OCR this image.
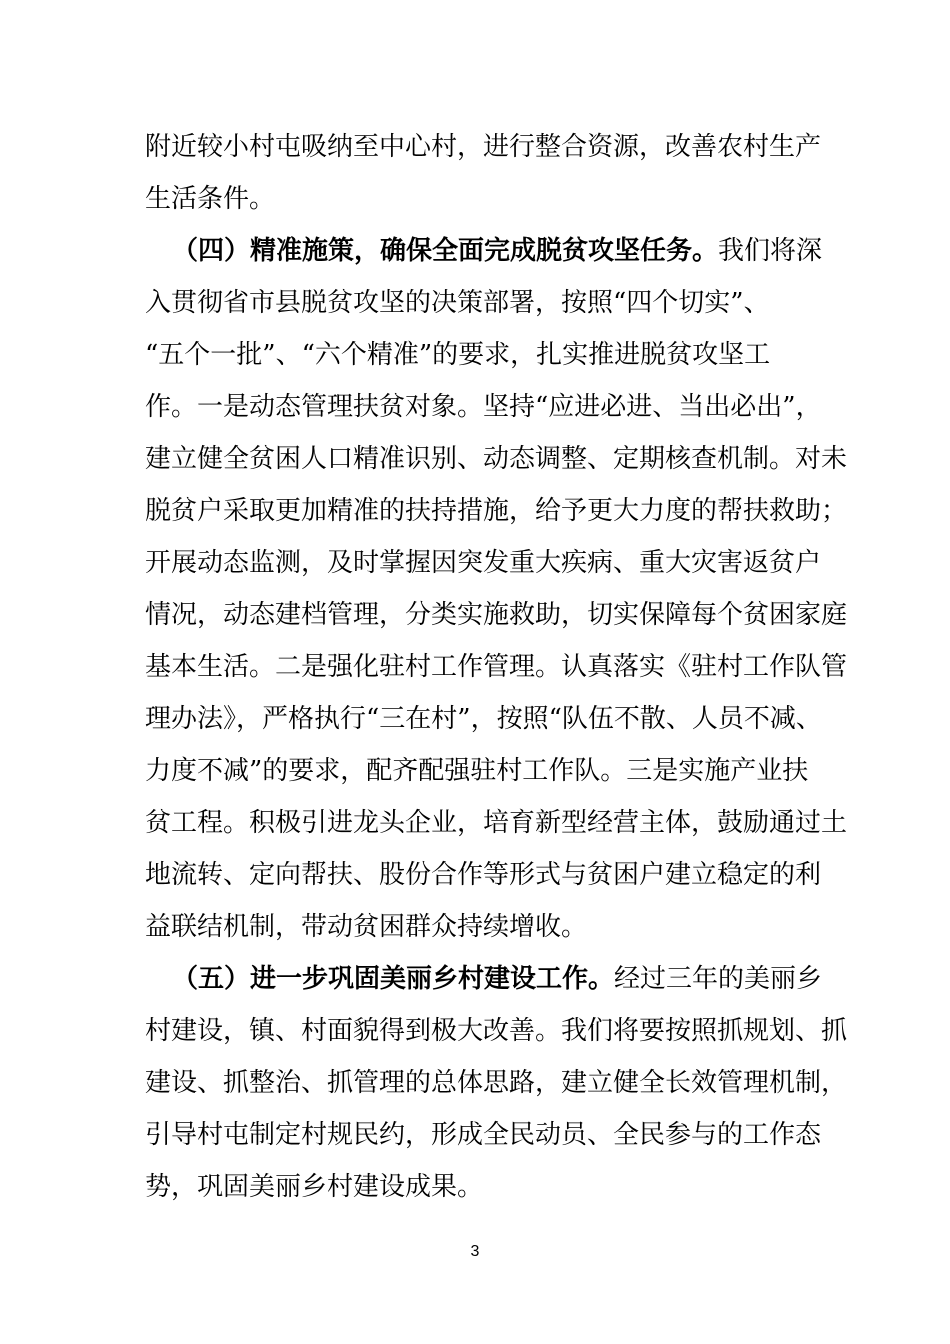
附近较小村屯吸纳至中心村，进行整合资源，改善农村生产
生活条件。
（四）精准施策，确保全面完成脱贫攻坚任务。我们将深
入贯彻省市县脱贫攻坚的决策部署，按照“四个切实”、
“五个一批”、“六个精准”的要求，扎实推进脱贫攻坚工
作。一是动态管理扶贫对象。坚持“应进必进、当出必出”，
建立健全贫困人口精准识别、动态调整、定期核查机制。对未
脱贫户采取更加精准的扶持措施，给予更大力度的帮扶救助；
开展动态监测，及时掌握因突发重大疾病、重大灾害返贫户
情况，动态建档管理，分类实施救助，切实保障每个贫困家庭
基本生活。二是强化驻村工作管理。认真落实《驻村工作队管
理办法》，严格执行“三在村”，按照“队伍不散、人员不减、
力度不减”的要求，配齐配强驻村工作队。三是实施产业扶
贫工程。积极引进龙头企业，培育新型经营主体，鼓励通过土
地流转、定向帮扶、股份合作等形式与贫困户建立稳定的利
益联结机制，带动贫困群众持续增收。
（五）进一步巩固美丽乡村建设工作。经过三年的美丽乡
村建设，镇、村面貌得到极大改善。我们将要按照抓规划、抓
建设、抓整治、抓管理的总体思路，建立健全长效管理机制，
引导村屯制定村规民约，形成全民动员、全民参与的工作态
势，巩固美丽乡村建设成果。
3
